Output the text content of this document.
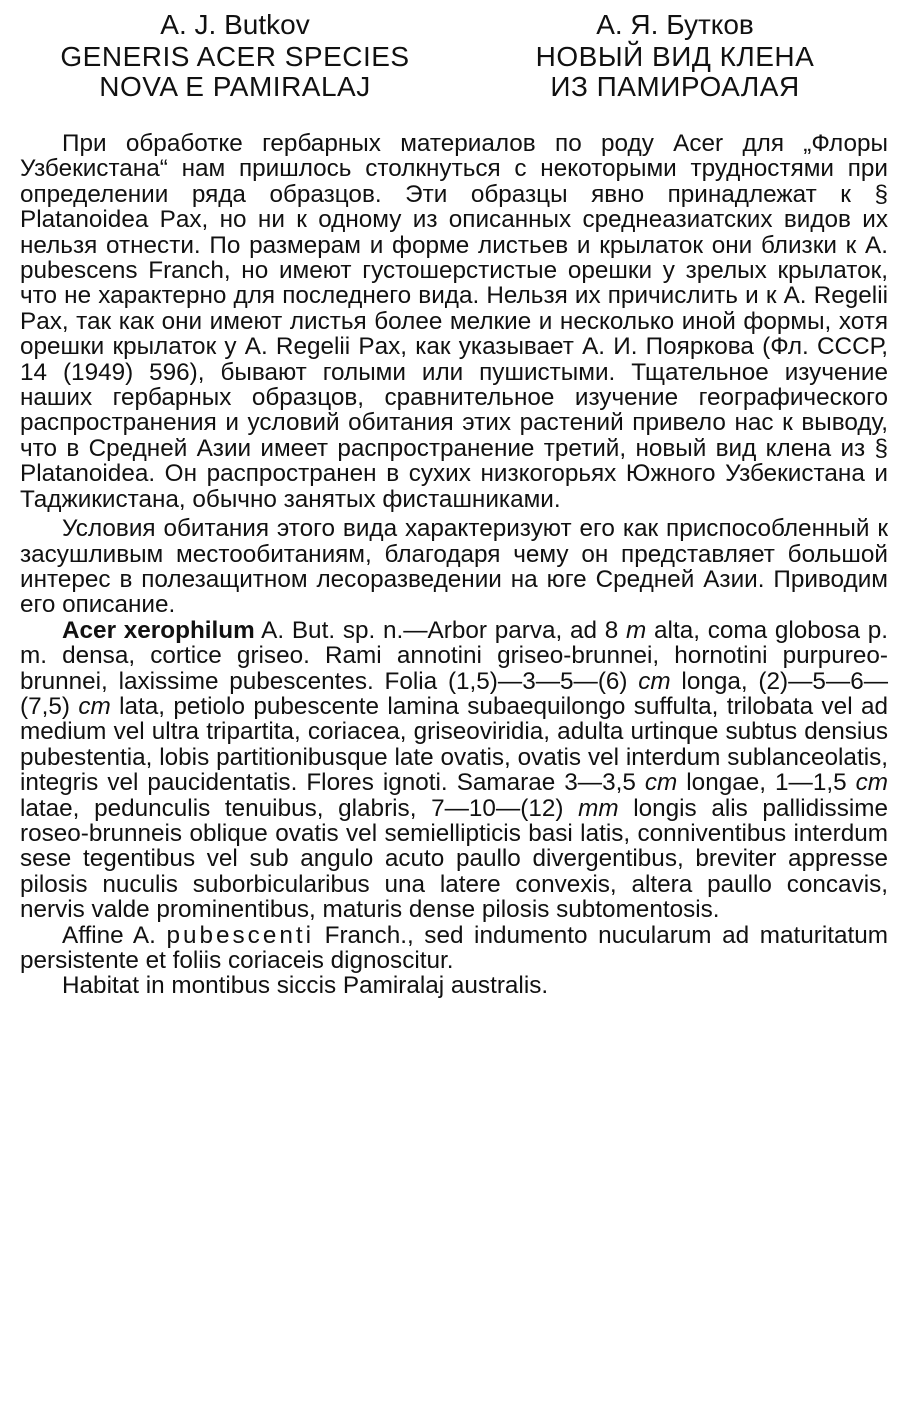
A. J. Butkov
GENERIS ACER SPECIES
NOVA E PAMIRALAJ
А. Я. Бутков
НОВЫЙ ВИД КЛЕНА
ИЗ ПАМИРОАЛАЯ

При обработке гербарных материалов по роду Acer для „Флоры Узбекистана“ нам пришлось столкнуться с некоторыми трудностями при определении ряда образцов. Эти образцы явно принадлежат к § Platanoidea Pax, но ни к одному из описанных среднеазиатских видов их нельзя отнести. По размерам и форме листьев и крылаток они близки к A. pubescens Franch, но имеют густошерстистые орешки у зрелых крылаток, что не характерно для последнего вида. Нельзя их причислить и к A. Regelii Pax, так как они имеют листья более мелкие и несколько иной формы, хотя орешки крылаток у A. Regelii Pax, как указывает А. И. Пояркова (Фл. СССР, 14 (1949) 596), бывают голыми или пушистыми. Тщательное изучение наших гербарных образцов, сравнительное изучение географического распространения и условий обитания этих растений привело нас к выводу, что в Средней Азии имеет распространение третий, новый вид клена из § Platanoidea. Он распространен в сухих низкогорьях Южного Узбекистана и Таджикистана, обычно занятых фисташниками.

Условия обитания этого вида характеризуют его как приспособленный к засушливым местообитаниям, благодаря чему он представляет большой интерес в полезащитном лесоразведении на юге Средней Азии. Приводим его описание.

Acer xerophilum A. But. sp. n.—Arbor parva, ad 8 m alta, coma globosa p. m. densa, cortice griseo. Rami annotini griseo-brunnei, hornotini purpureo-brunnei, laxissime pubescentes. Folia (1,5)—3—5—(6) cm longa, (2)—5—6—(7,5) cm lata, petiolo pubescente lamina subaequilongo suffulta, trilobata vel ad medium vel ultra tripartita, coriacea, griseoviridia, adulta urtinque subtus densius pubestentia, lobis partitionibusque late ovatis, ovatis vel interdum sublanceolatis, integris vel paucidentatis. Flores ignoti. Samarae 3—3,5 cm longae, 1—1,5 cm latae, pedunculis tenuibus, glabris, 7—10—(12) mm longis alis pallidissime roseo-brunneis oblique ovatis vel semiellipticis basi latis, conniventibus interdum sese tegentibus vel sub angulo acuto paullo divergentibus, breviter appresse pilosis nuculis suborbicularibus una latere convexis, altera paullo concavis, nervis valde prominentibus, maturis dense pilosis subtomentosis.

Affine A. pubescenti Franch., sed indumento nucularum ad maturitatum persistente et foliis coriaceis dignoscitur.

Habitat in montibus siccis Pamiralaj australis.
